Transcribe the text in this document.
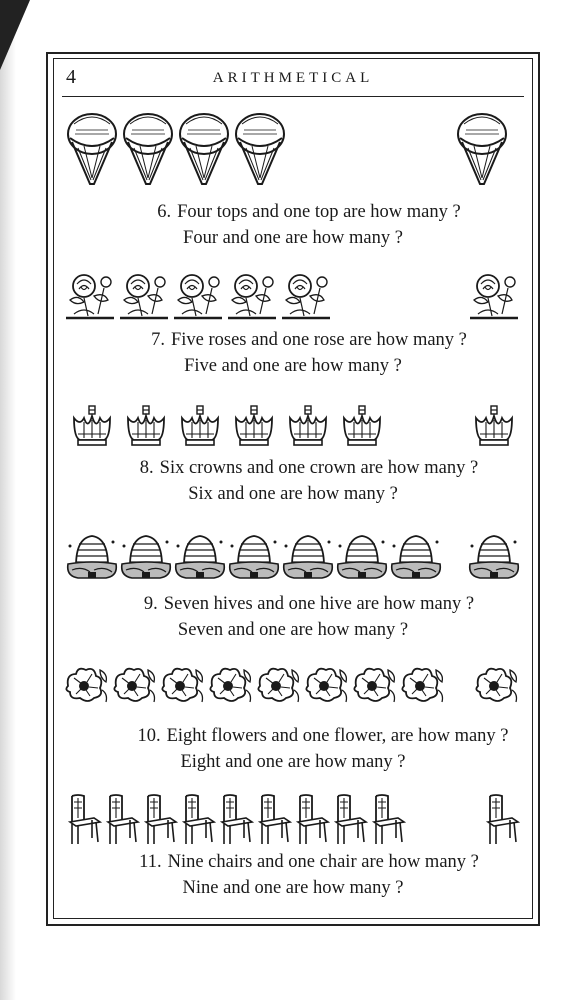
4	ARITHMETICAL
6. Four tops and one top are how many ?
Four and one are how many ?
7. Five roses and one rose are how many ?
Five and one are how many ?
8. Six crowns and one crown are how many ?
Six and one are how many ?
9. Seven hives and one hive are how many ?
Seven and one are how many ?
10. Eight flowers and one flower, are how many ?
Eight and one are how many ?
11. Nine chairs and one chair are how many ?
Nine and one are how many ?
